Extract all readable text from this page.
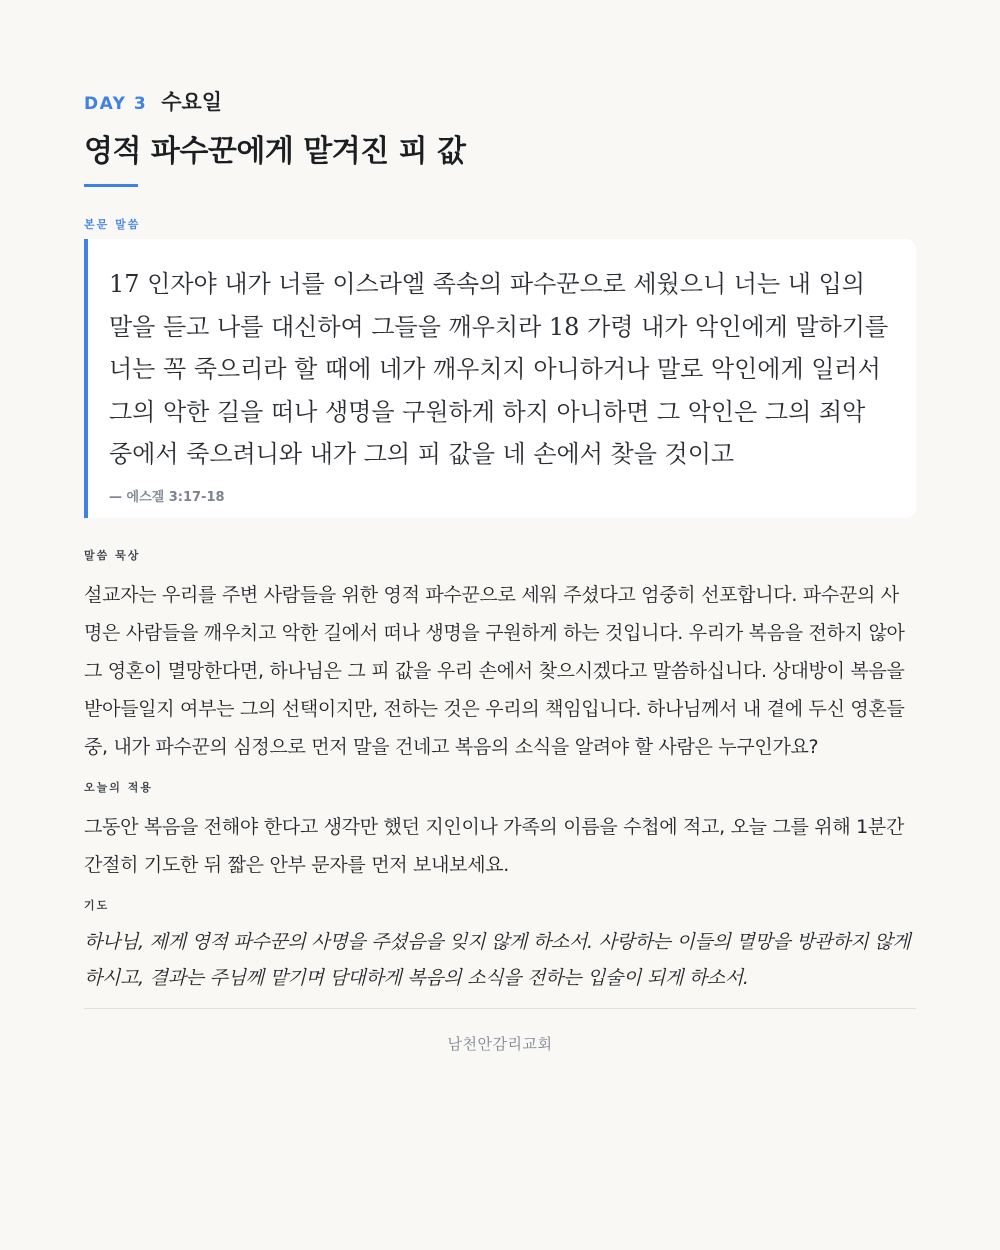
DAY 3 수요일
영적 파수꾼에게 맡겨진 피 값
본문 말씀

17 인자야 내가 너를 이스라엘 족속의 파수꾼으로 세웠으니 너는 내 입의 말을 듣고 나를 대신하여 그들을 깨우치라 18 가령 내가 악인에게 말하기를 너는 꼭 죽으리라 할 때에 네가 깨우치지 아니하거나 말로 악인에게 일러서 그의 악한 길을 떠나 생명을 구원하게 하지 아니하면 그 악인은 그의 죄악 중에서 죽으려니와 내가 그의 피 값을 네 손에서 찾을 것이고

— 에스겔 3:17-18
말씀 묵상

설교자는 우리를 주변 사람들을 위한 영적 파수꾼으로 세워 주셨다고 엄중히 선포합니다. 파수꾼의 사명은 사람들을 깨우치고 악한 길에서 떠나 생명을 구원하게 하는 것입니다. 우리가 복음을 전하지 않아 그 영혼이 멸망한다면, 하나님은 그 피 값을 우리 손에서 찾으시겠다고 말씀하십니다. 상대방이 복음을 받아들일지 여부는 그의 선택이지만, 전하는 것은 우리의 책임입니다. 하나님께서 내 곁에 두신 영혼들 중, 내가 파수꾼의 심정으로 먼저 말을 건네고 복음의 소식을 알려야 할 사람은 누구인가요?

오늘의 적용

그동안 복음을 전해야 한다고 생각만 했던 지인이나 가족의 이름을 수첩에 적고, 오늘 그를 위해 1분간 간절히 기도한 뒤 짧은 안부 문자를 먼저 보내보세요.

기도

하나님, 제게 영적 파수꾼의 사명을 주셨음을 잊지 않게 하소서. 사랑하는 이들의 멸망을 방관하지 않게 하시고, 결과는 주님께 맡기며 담대하게 복음의 소식을 전하는 입술이 되게 하소서.

남천안감리교회
